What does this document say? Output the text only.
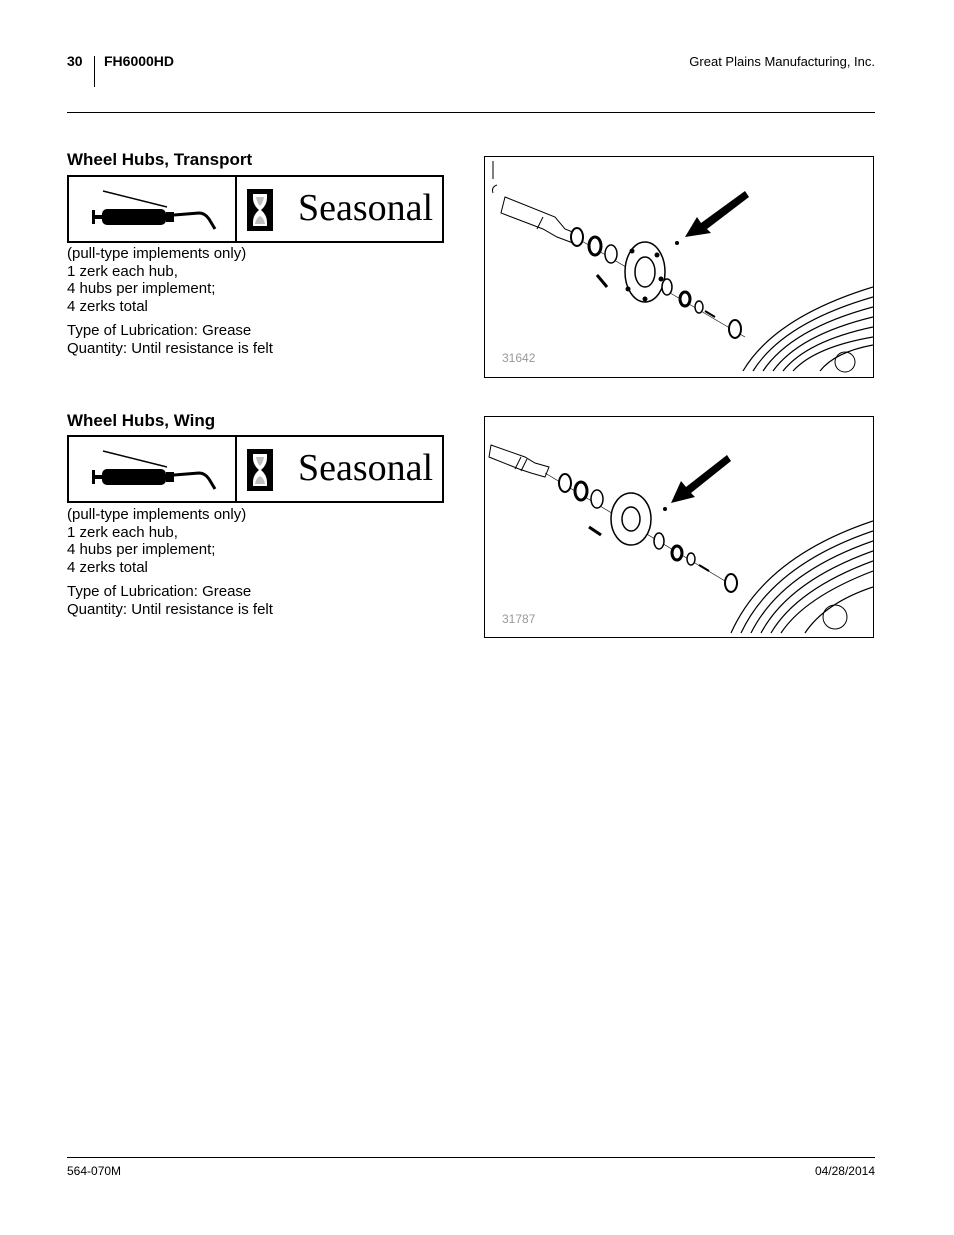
30 FH6000HD	Great Plains Manufacturing, Inc.
Wheel Hubs, Transport
Seasonal

(pull-type implements only)

1 zerk each hub,

4 hubs per implement;

4 zerks total

Type of Lubrication: Grease

Quantity: Until resistance is felt

31642
Wheel Hubs, Wing
Seasonal

(pull-type implements only)

1 zerk each hub,

4 hubs per implement;

4 zerks total

Type of Lubrication: Grease

Quantity: Until resistance is felt

31787
564-070M	04/28/2014
